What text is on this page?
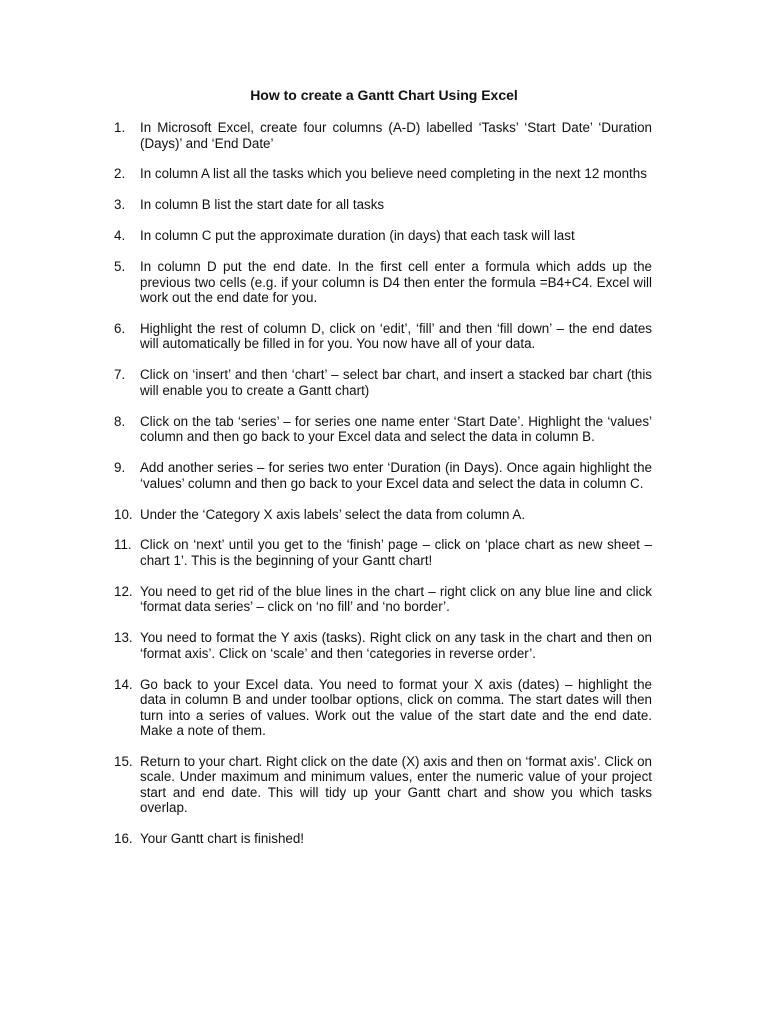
How to create a Gantt Chart Using Excel
1.	In Microsoft Excel, create four columns (A-D) labelled ‘Tasks’ ‘Start Date’ ‘Duration (Days)’ and ‘End Date’
2.	In column A list all the tasks which you believe need completing in the next 12 months
3.	In column B list the start date for all tasks
4.	In column C put the approximate duration (in days) that each task will last
5.	In column D put the end date. In the first cell enter a formula which adds up the previous two cells (e.g. if your column is D4 then enter the formula =B4+C4. Excel will work out the end date for you.
6.	Highlight the rest of column D, click on ‘edit’, ‘fill’ and then ‘fill down’ – the end dates will automatically be filled in for you. You now have all of your data.
7.	Click on ‘insert’ and then ‘chart’ – select bar chart, and insert a stacked bar chart (this will enable you to create a Gantt chart)
8.	Click on the tab ‘series’ – for series one name enter ‘Start Date’. Highlight the ‘values’ column and then go back to your Excel data and select the data in column B.
9.	Add another series – for series two enter ‘Duration (in Days). Once again highlight the ‘values’ column and then go back to your Excel data and select the data in column C.
10. Under the ‘Category X axis labels’ select the data from column A.
11. Click on ‘next’ until you get to the ‘finish’ page – click on ‘place chart as new sheet – chart 1’. This is the beginning of your Gantt chart!
12. You need to get rid of the blue lines in the chart – right click on any blue line and click ‘format data series’ – click on ‘no fill’ and ‘no border’.
13. You need to format the Y axis (tasks). Right click on any task in the chart and then on ‘format axis’. Click on ‘scale’ and then ‘categories in reverse order’.
14. Go back to your Excel data. You need to format your X axis (dates) – highlight the data in column B and under toolbar options, click on comma. The start dates will then turn into a series of values. Work out the value of the start date and the end date. Make a note of them.
15. Return to your chart. Right click on the date (X) axis and then on ‘format axis’. Click on scale. Under maximum and minimum values, enter the numeric value of your project start and end date. This will tidy up your Gantt chart and show you which tasks overlap.
16. Your Gantt chart is finished!
